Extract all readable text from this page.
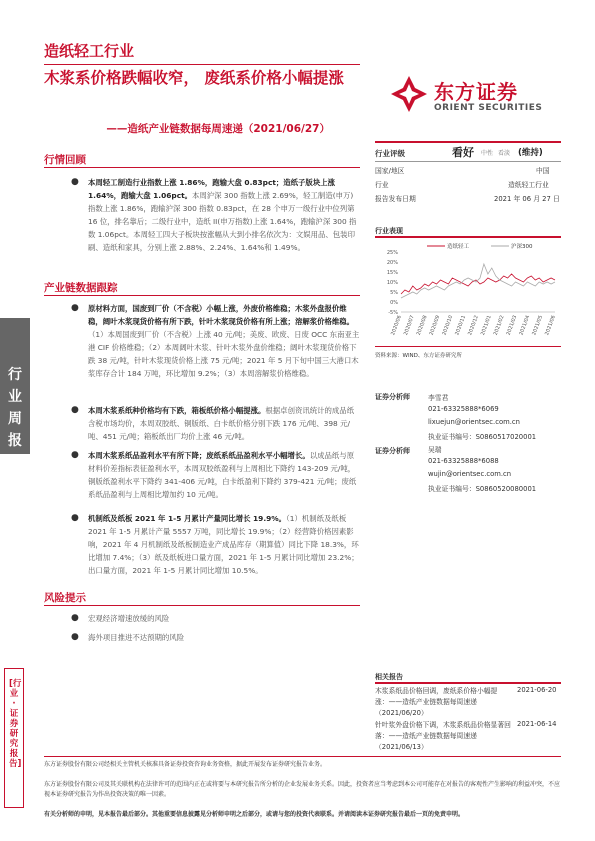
造纸轻工行业
木浆系价格跌幅收窄， 废纸系价格小幅提涨
——造纸产业链数据每周速递（2021/06/27）
东方证券
ORIENT SECURITIES
行业评级	看好 中性 看淡 (维持)
国家/地区	中国
行业	造纸轻工行业
报告发布日期	2021 年 06 月 27 日
行业表现
25%
20%
15%
10%
5%
0%
-5%
2020/06 2020/07 2020/08 2020/09 2020/10 2020/11 2020/12 2021/01 2021/02 2021/03 2021/04 2021/05 2021/06
造纸轻工	沪深300
资料来源：WIND、东方证券研究所
证券分析师	李雪君
021-63325888*6069
lixuejun@orientsec.com.cn
执业证书编号：S0860517020001
证券分析师	吴瑞
021-63325888*6088
wujin@orientsec.com.cn
执业证书编号：S0860520080001
相关报告
木浆系纸品价格回调，废纸系价格小幅提
涨：——造纸产业链数据每周速递
（2021/06/20）
2021-06-20
针叶浆外盘价格下调，木浆系纸品价格显著回
落：——造纸产业链数据每周速递
（2021/06/13）
2021-06-14
行情回顾
● 本周轻工制造行业指数上涨 1.86%，跑输大盘 0.83pct；造纸子版块上涨 1.64%，跑输大盘 1.06pct。本周沪深 300 指数上涨 2.69%，轻工制造(申万)指数上涨 1.86%，跑输沪深 300 指数 0.83pct，在 28 个申万一级行业中位列第 16 位，排名靠后；二级行业中，造纸 II(申万指数)上涨 1.64%，跑输沪深 300 指数 1.06pct。本周轻工四大子板块按涨幅从大到小排名依次为：文娱用品、包装印刷、造纸和家具，分别上涨 2.88%、2.24%、1.64%和 1.49%。
产业链数据跟踪
● 原材料方面，国废到厂价（不含税）小幅上涨，外废价格维稳；木浆外盘报价维稳，阔叶木浆现货价格有所下跌，针叶木浆现货价格有所上涨；溶解浆价格维稳。（1）本周国废到厂价（不含税）上涨 40 元/吨；美废、欧废、日废 OCC 东南亚主港 CIF 价格维稳；（2）本周阔叶木浆、针叶木浆外盘价维稳；阔叶木浆现货价格下跌 38 元/吨，针叶木浆现货价格上涨 75 元/吨；2021 年 5 月下旬中国三大港口木浆库存合计 184 万吨，环比增加 9.2%；（3）本周溶解浆价格维稳。
● 本周木浆系纸种价格均有下跌，箱板纸价格小幅提涨。根据卓创资讯统计的成品纸含税市场均价，本周双胶纸、铜版纸、白卡纸价格分别下跌 176 元/吨、398 元/吨、451 元/吨；箱板纸出厂均价上涨 46 元/吨。
● 本周木浆系纸品盈利水平有所下降；废纸系纸品盈利水平小幅增长。以成品纸与原材料价差指标表征盈利水平，本周双胶纸盈利与上周相比下降约 143-209 元/吨，铜版纸盈利水平下降约 341-406 元/吨，白卡纸盈利下降约 379-421 元/吨；废纸系纸品盈利与上周相比增加约 10 元/吨。
● 机制纸及纸板 2021 年 1-5 月累计产量同比增长 19.9%。（1）机制纸及纸板 2021 年 1-5 月累计产量 5557 万吨，同比增长 19.9%；（2）经营降价格因素影响，2021 年 4 月机制纸及纸板制造业产成品库存（期算值）同比下降 18.3%，环比增加 7.4%；（3）纸及纸板进口量方面，2021 年 1-5 月累计同比增加 23.2%；出口量方面，2021 年 1-5 月累计同比增加 10.5%。
风险提示
● 宏观经济增速放缓的风险
● 海外项目推进不达预期的风险
行业周报
[行业·证券研究报告]	东方证券股份有限公司经相关主管机关核准具备证券投资咨询业务资格，据此开展发布证券研究报告业务。
东方证券股份有限公司及其关联机构在法律许可的范围内正在或将要与本研究报告所分析的企业发展业务关系。因此，投资者应当考虑到本公司可能存在对报告的客观性产生影响的利益冲突，不应视本证券研究报告为作出投资决策的唯一因素。
有关分析师的申明，见本报告最后部分。其他重要信息披露见分析师申明之后部分，或请与您的投资代表联系。并请阅读本证券研究报告最后一页的免责申明。
